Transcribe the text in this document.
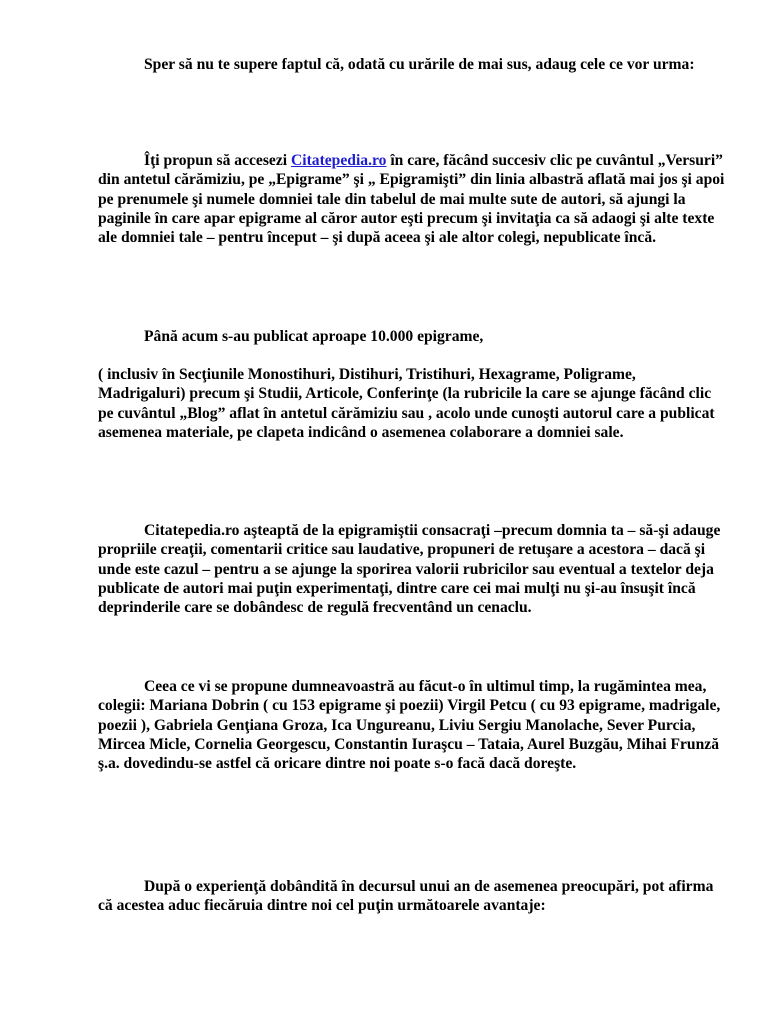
Sper să nu te supere faptul că, odată cu urările de mai sus, adaug cele ce vor urma:

Îţi propun să accesezi Citatepedia.ro în care, făcând succesiv clic pe cuvântul „Versuri” din antetul cărămiziu, pe „Epigrame” şi „ Epigramişti” din linia albastră aflată mai jos şi apoi pe prenumele şi numele domniei tale din tabelul de mai multe sute de autori, să ajungi la paginile în care apar epigrame al căror autor eşti precum şi invitaţia ca să adaogi şi alte texte ale domniei tale – pentru început – şi după aceea şi ale altor colegi, nepublicate încă.

Până acum s-au publicat aproape 10.000 epigrame,

( inclusiv în Secţiunile Monostihuri, Distihuri, Tristihuri, Hexagrame, Poligrame, Madrigaluri) precum şi Studii, Articole, Conferinţe (la rubricile la care se ajunge făcând clic pe cuvântul „Blog” aflat în antetul cărămiziu sau , acolo unde cunoşti autorul care a publicat asemenea materiale, pe clapeta indicând o asemenea colaborare a domniei sale.

Citatepedia.ro aşteaptă de la epigramiştii consacraţi –precum domnia ta – să-şi adauge propriile creaţii, comentarii critice sau laudative, propuneri de retuşare a acestora – dacă şi unde este cazul – pentru a se ajunge la sporirea valorii rubricilor sau eventual a textelor deja publicate de autori mai puţin experimentaţi, dintre care cei mai mulţi nu şi-au însuşit încă deprinderile care se dobândesc de regulă frecventând un cenaclu.

Ceea ce vi se propune dumneavoastră au făcut-o în ultimul timp, la rugămintea mea, colegii: Mariana Dobrin ( cu 153 epigrame şi poezii) Virgil Petcu ( cu 93 epigrame, madrigale, poezii ), Gabriela Genţiana Groza, Ica Ungureanu, Liviu Sergiu Manolache, Sever Purcia, Mircea Micle, Cornelia Georgescu, Constantin Iuraşcu – Tataia, Aurel Buzgău, Mihai Frunză ş.a. dovedindu-se astfel că oricare dintre noi poate s-o facă dacă doreşte.

După o experienţă dobândită în decursul unui an de asemenea preocupări, pot afirma că acestea aduc fiecăruia dintre noi cel puţin următoarele avantaje:
